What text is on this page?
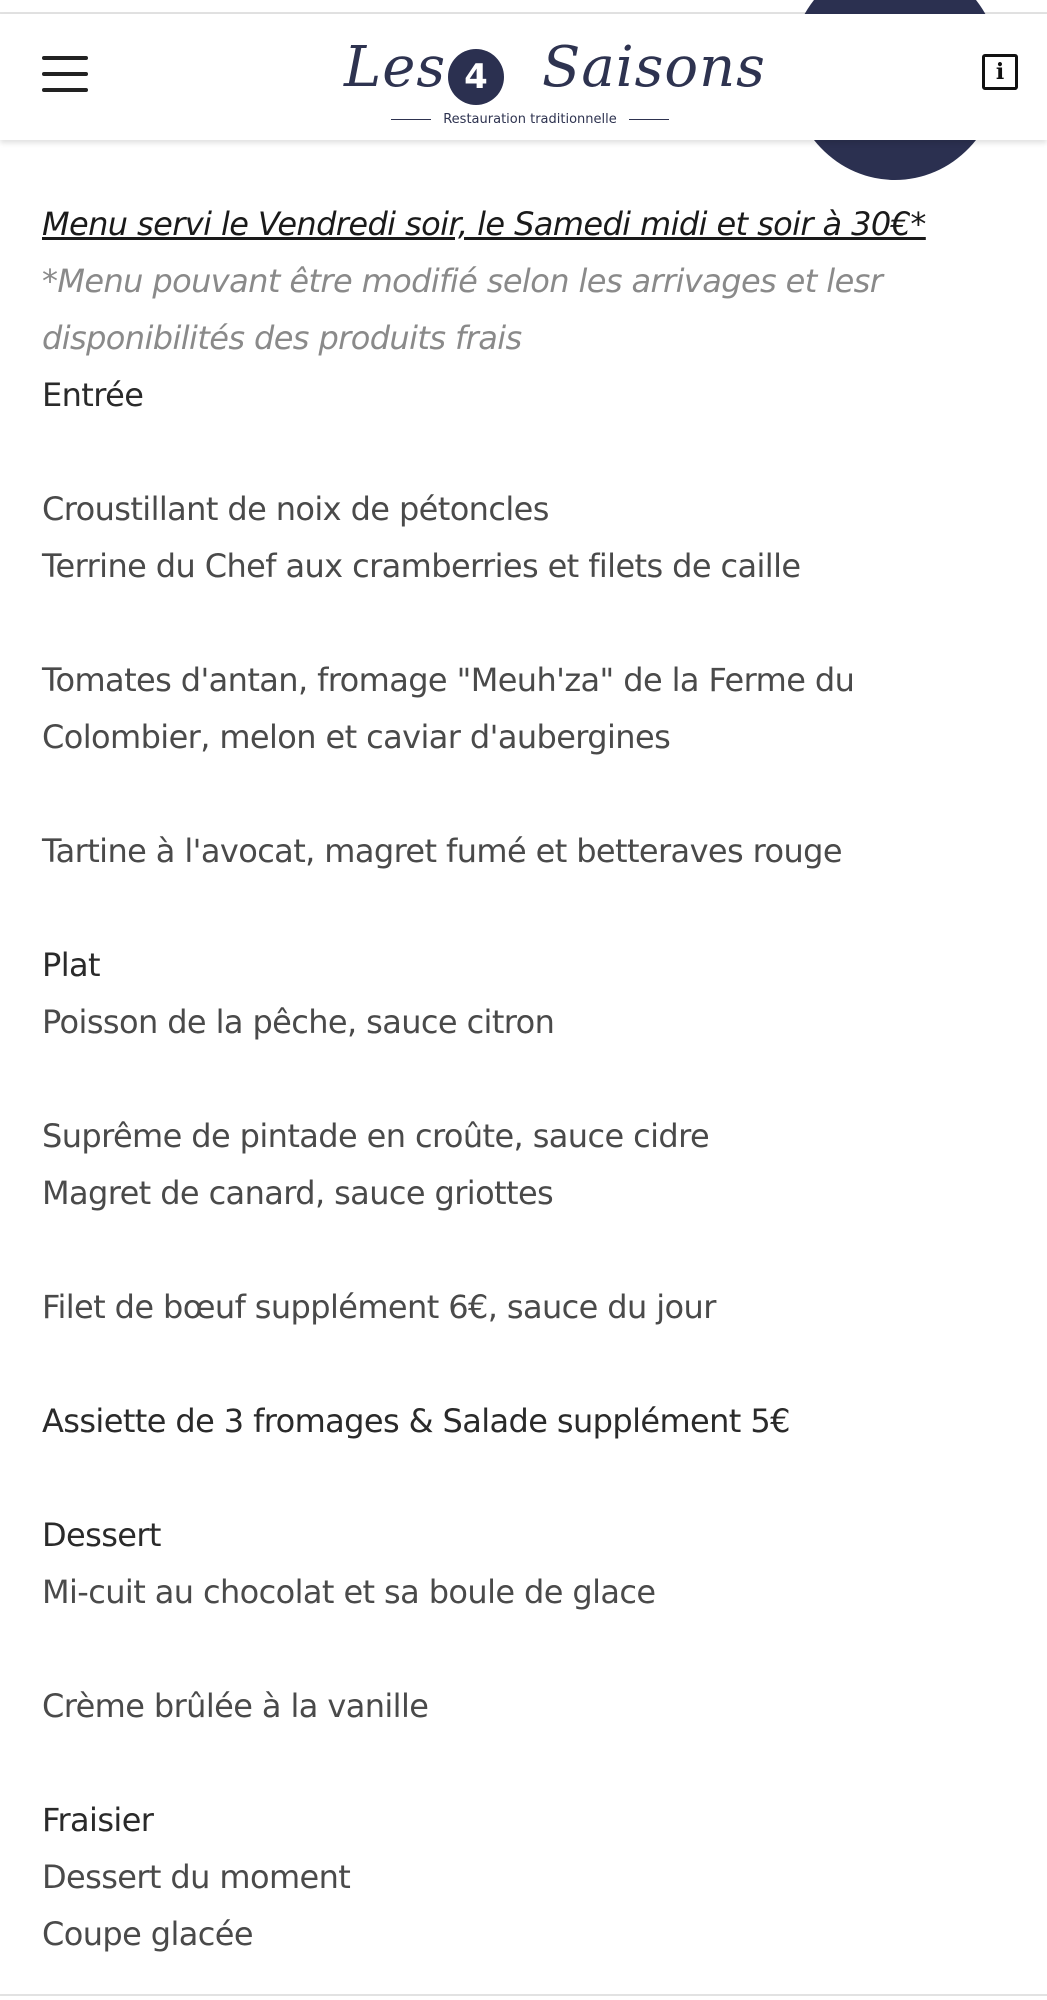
Les 4 Saisons
Restauration traditionnelle
i
Menu servi le Vendredi soir, le Samedi midi et soir à 30€*
*Menu pouvant être modifié selon les arrivages et lesr
disponibilités des produits frais
Entrée
Croustillant de noix de pétoncles
Terrine du Chef aux cramberries et filets de caille
Tomates d'antan, fromage "Meuh'za" de la Ferme du
Colombier, melon et caviar d'aubergines
Tartine à l'avocat, magret fumé et betteraves rouge
Plat
Poisson de la pêche, sauce citron
Suprême de pintade en croûte, sauce cidre
Magret de canard, sauce griottes
Filet de bœuf supplément 6€, sauce du jour
Assiette de 3 fromages & Salade supplément 5€
Dessert
Mi-cuit au chocolat et sa boule de glace
Crème brûlée à la vanille
Fraisier
Dessert du moment
Coupe glacée
